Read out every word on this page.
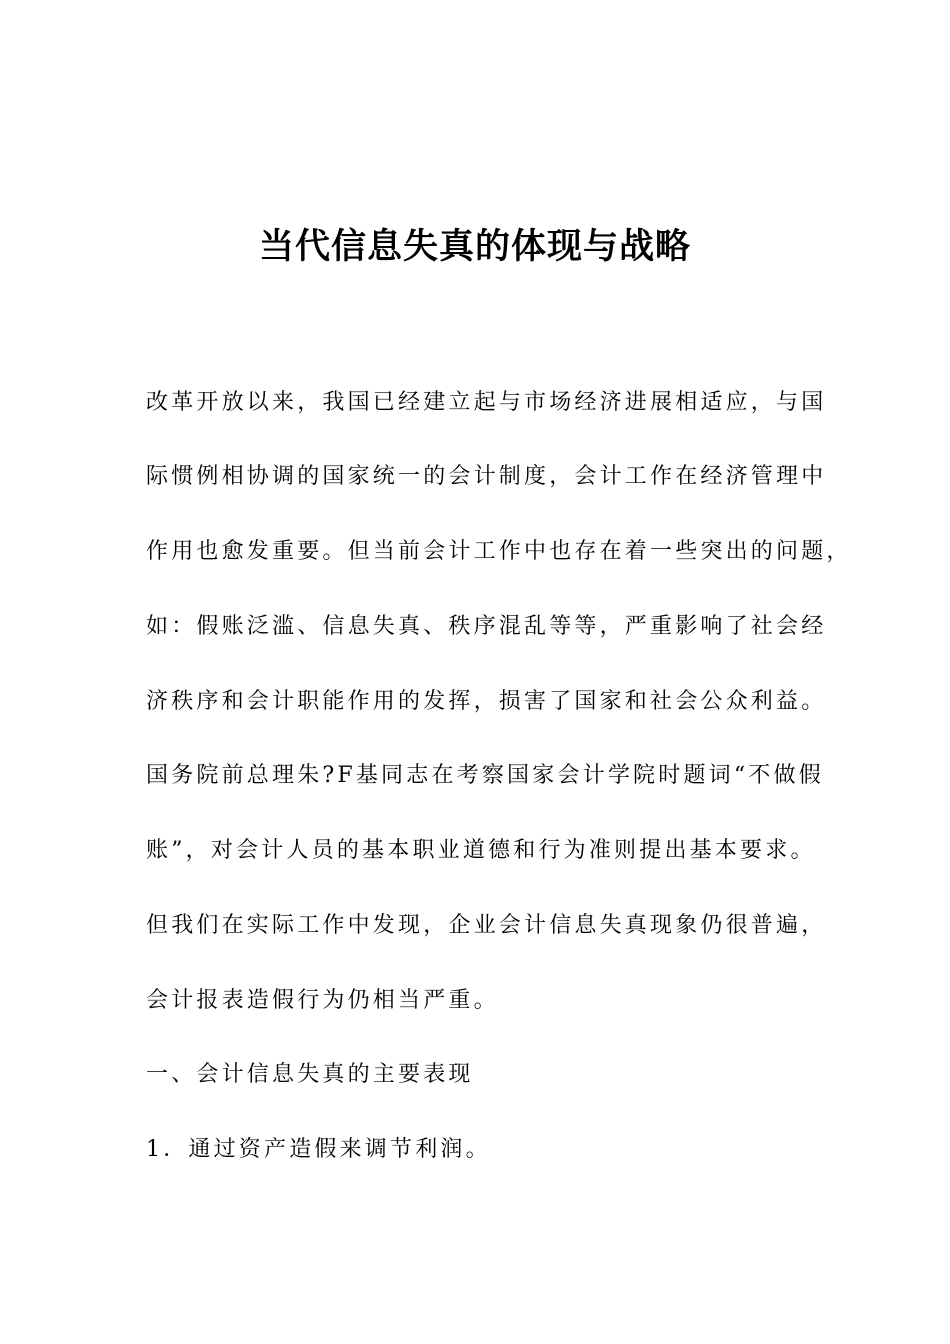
当代信息失真的体现与战略
改革开放以来，我国已经建立起与市场经济进展相适应，与国
际惯例相协调的国家统一的会计制度，会计工作在经济管理中
作用也愈发重要。但当前会计工作中也存在着一些突出的问题，
如：假账泛滥、信息失真、秩序混乱等等，严重影响了社会经
济秩序和会计职能作用的发挥，损害了国家和社会公众利益。
国务院前总理朱?F基同志在考察国家会计学院时题词“不做假
账”，对会计人员的基本职业道德和行为准则提出基本要求。
但我们在实际工作中发现，企业会计信息失真现象仍很普遍，
会计报表造假行为仍相当严重。
一、会计信息失真的主要表现
1．通过资产造假来调节利润。
